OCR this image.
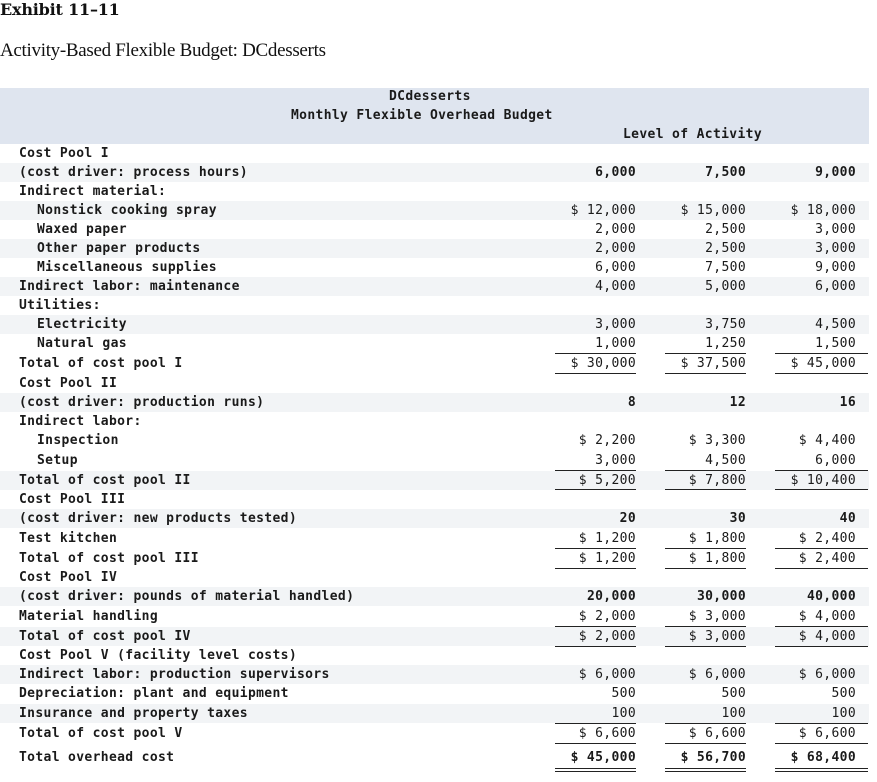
Exhibit 11–11
Activity-Based Flexible Budget: DCdesserts
DCdesserts
Monthly Flexible Overhead Budget
Level of Activity
Cost Pool I
(cost driver: process hours)	6,000	7,500	9,000
Indirect material:
Nonstick cooking spray	$ 12,000	$ 15,000	$ 18,000
Waxed paper	2,000	2,500	3,000
Other paper products	2,000	2,500	3,000
Miscellaneous supplies	6,000	7,500	9,000
Indirect labor: maintenance	4,000	5,000	6,000
Utilities:
Electricity	3,000	3,750	4,500
Natural gas	1,000	1,250	1,500
Total of cost pool I	$ 30,000	$ 37,500	$ 45,000
Cost Pool II
(cost driver: production runs)	8	12	16
Indirect labor:
Inspection	$ 2,200	$ 3,300	$ 4,400
Setup	3,000	4,500	6,000
Total of cost pool II	$ 5,200	$ 7,800	$ 10,400
Cost Pool III
(cost driver: new products tested)	20	30	40
Test kitchen	$ 1,200	$ 1,800	$ 2,400
Total of cost pool III	$ 1,200	$ 1,800	$ 2,400
Cost Pool IV
(cost driver: pounds of material handled)	20,000	30,000	40,000
Material handling	$ 2,000	$ 3,000	$ 4,000
Total of cost pool IV	$ 2,000	$ 3,000	$ 4,000
Cost Pool V (facility level costs)
Indirect labor: production supervisors	$ 6,000	$ 6,000	$ 6,000
Depreciation: plant and equipment	500	500	500
Insurance and property taxes	100	100	100
Total of cost pool V	$ 6,600	$ 6,600	$ 6,600
Total overhead cost	$ 45,000	$ 56,700	$ 68,400
